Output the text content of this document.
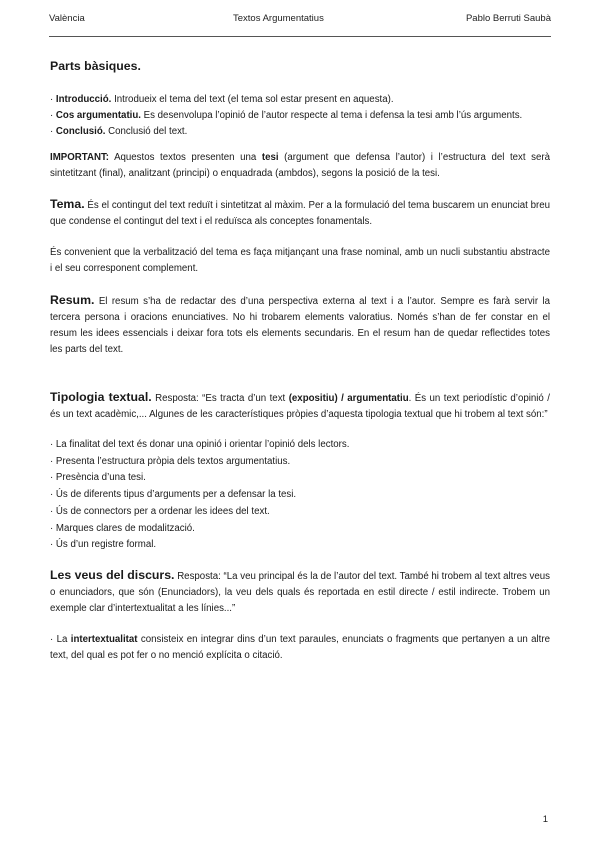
València	Textos Argumentatius	Pablo Berruti Saubà

Parts bàsiques.

· Introducció. Introdueix el tema del text (el tema sol estar present en aquesta).

· Cos argumentatiu. Es desenvolupa l’opinió de l’autor respecte al tema i defensa la tesi amb l’ús arguments.

· Conclusió. Conclusió del text.

IMPORTANT: Aquestos textos presenten una tesi (argument que defensa l’autor) i l’estructura del text serà sintetitzant (final), analitzant (principi) o enquadrada (ambdos), segons la posició de la tesi.

Tema. És el contingut del text reduït i sintetitzat al màxim. Per a la formulació del tema buscarem un enunciat breu que condense el contingut del text i el reduïsca als conceptes fonamentals.

És convenient que la verbalització del tema es faça mitjançant una frase nominal, amb un nucli substantiu abstracte i el seu corresponent complement.

Resum. El resum s’ha de redactar des d’una perspectiva externa al text i a l’autor. Sempre es farà servir la tercera persona i oracions enunciatives. No hi trobarem elements valoratius. Només s’han de fer constar en el resum les idees essencials i deixar fora tots els elements secundaris. En el resum han de quedar reflectides totes les parts del text.

Tipologia textual. Resposta: “Es tracta d’un text (expositiu) / argumentatiu. És un text periodístic d’opinió / és un text acadèmic,... Algunes de les característiques pròpies d’aquesta tipologia textual que hi trobem al text són:”

· La finalitat del text és donar una opinió i orientar l’opinió dels lectors.

· Presenta l’estructura pròpia dels textos argumentatius.

· Presència d’una tesi.

· Ús de diferents tipus d’arguments per a defensar la tesi.

· Ús de connectors per a ordenar les idees del text.

· Marques clares de modalització.

· Ús d’un registre formal.

Les veus del discurs. Resposta: “La veu principal és la de l’autor del text. També hi trobem al text altres veus o enunciadors, que són (Enunciadors), la veu dels quals és reportada en estil directe / estil indirecte. Trobem un exemple clar d’intertextualitat a les línies...”

· La intertextualitat consisteix en integrar dins d’un text paraules, enunciats o fragments que pertanyen a un altre text, del qual es pot fer o no menció explícita o citació.

1
